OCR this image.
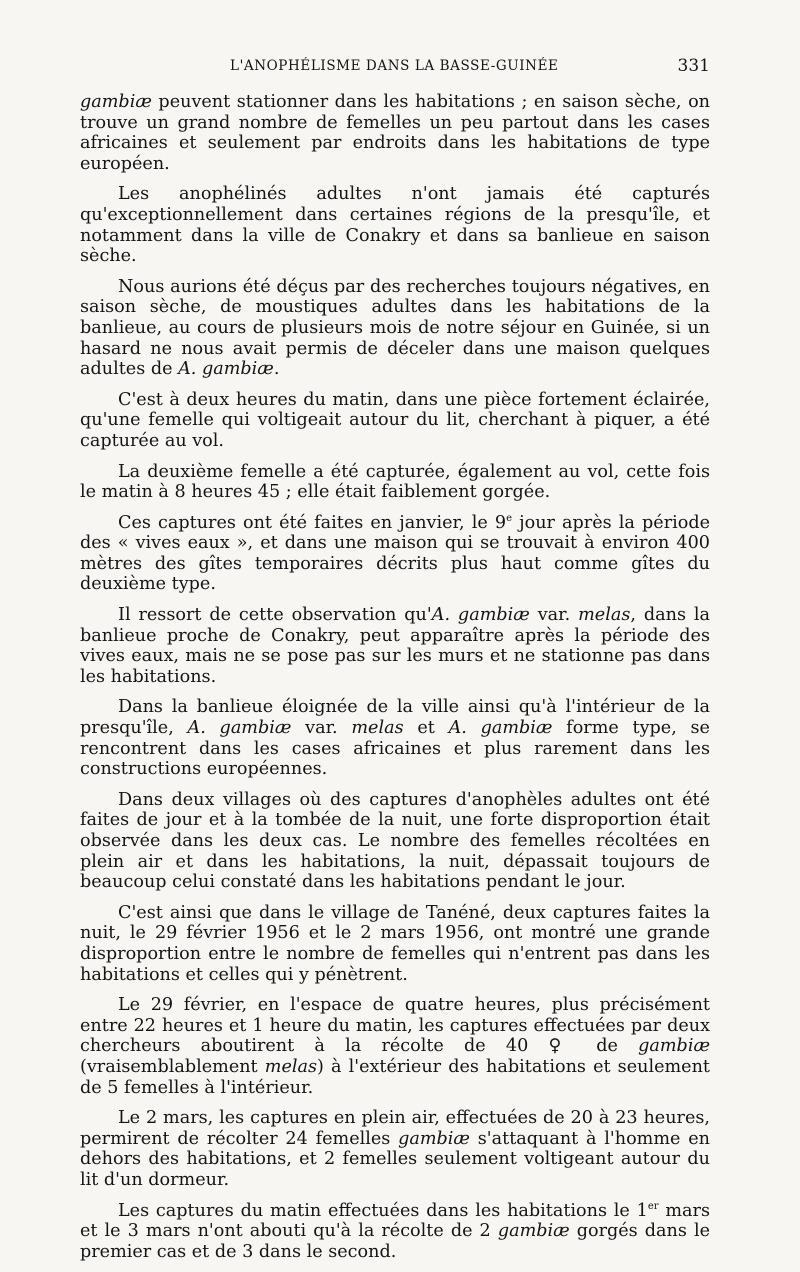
L'ANOPHÉLISME DANS LA BASSE-GUINÉE	331

gambiæ peuvent stationner dans les habitations ; en saison sèche, on trouve un grand nombre de femelles un peu partout dans les cases africaines et seulement par endroits dans les habitations de type européen.

Les anophélinés adultes n'ont jamais été capturés qu'exceptionnellement dans certaines régions de la presqu'île, et notamment dans la ville de Conakry et dans sa banlieue en saison sèche.

Nous aurions été déçus par des recherches toujours négatives, en saison sèche, de moustiques adultes dans les habitations de la banlieue, au cours de plusieurs mois de notre séjour en Guinée, si un hasard ne nous avait permis de déceler dans une maison quelques adultes de A. gambiæ.

C'est à deux heures du matin, dans une pièce fortement éclairée, qu'une femelle qui voltigeait autour du lit, cherchant à piquer, a été capturée au vol.

La deuxième femelle a été capturée, également au vol, cette fois le matin à 8 heures 45 ; elle était faiblement gorgée.

Ces captures ont été faites en janvier, le 9e jour après la période des « vives eaux », et dans une maison qui se trouvait à environ 400 mètres des gîtes temporaires décrits plus haut comme gîtes du deuxième type.

Il ressort de cette observation qu'A. gambiæ var. melas, dans la banlieue proche de Conakry, peut apparaître après la période des vives eaux, mais ne se pose pas sur les murs et ne stationne pas dans les habitations.

Dans la banlieue éloignée de la ville ainsi qu'à l'intérieur de la presqu'île, A. gambiæ var. melas et A. gambiæ forme type, se rencontrent dans les cases africaines et plus rarement dans les constructions européennes.

Dans deux villages où des captures d'anophèles adultes ont été faites de jour et à la tombée de la nuit, une forte disproportion était observée dans les deux cas. Le nombre des femelles récoltées en plein air et dans les habitations, la nuit, dépassait toujours de beaucoup celui constaté dans les habitations pendant le jour.

C'est ainsi que dans le village de Tanéné, deux captures faites la nuit, le 29 février 1956 et le 2 mars 1956, ont montré une grande disproportion entre le nombre de femelles qui n'entrent pas dans les habitations et celles qui y pénètrent.

Le 29 février, en l'espace de quatre heures, plus précisément entre 22 heures et 1 heure du matin, les captures effectuées par deux chercheurs aboutirent à la récolte de 40 ♀ de gambiæ (vraisemblablement melas) à l'extérieur des habitations et seulement de 5 femelles à l'intérieur.

Le 2 mars, les captures en plein air, effectuées de 20 à 23 heures, permirent de récolter 24 femelles gambiæ s'attaquant à l'homme en dehors des habitations, et 2 femelles seulement voltigeant autour du lit d'un dormeur.

Les captures du matin effectuées dans les habitations le 1er mars et le 3 mars n'ont abouti qu'à la récolte de 2 gambiæ gorgés dans le premier cas et de 3 dans le second.
